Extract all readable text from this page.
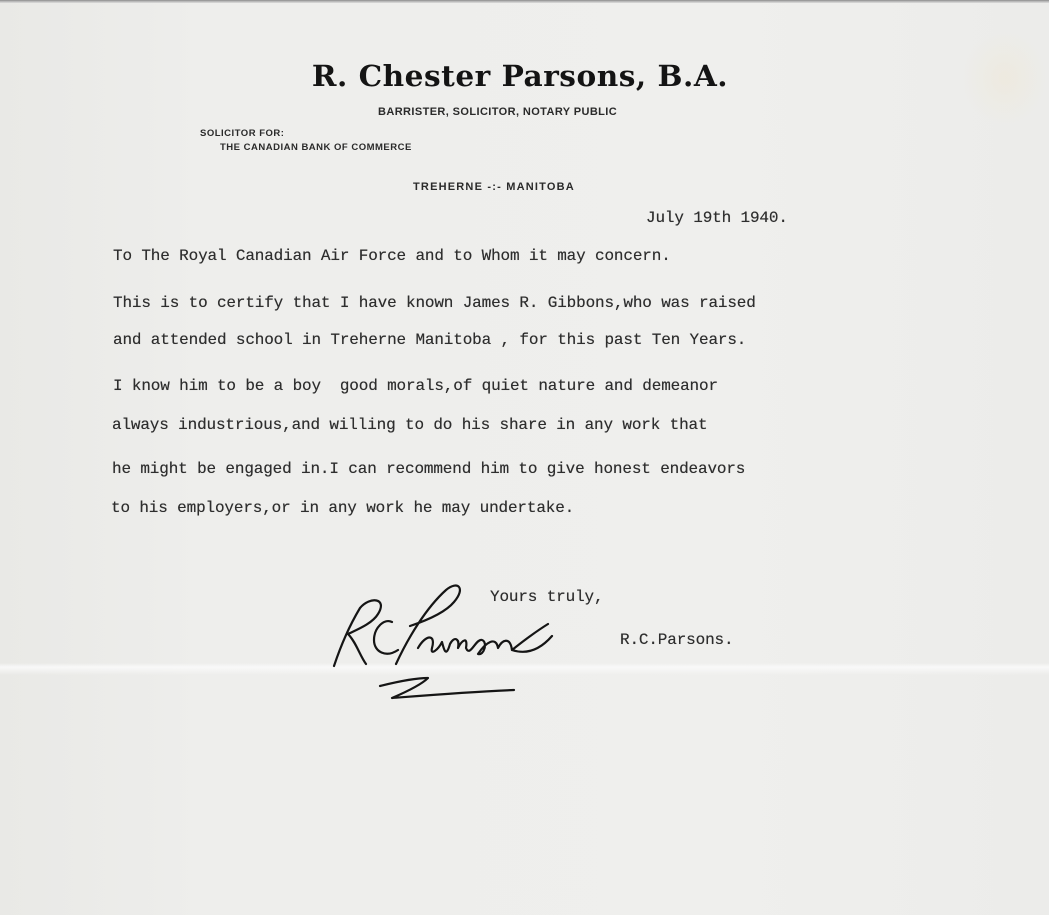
R. Chester Parsons, B.A.
BARRISTER, SOLICITOR, NOTARY PUBLIC
SOLICITOR FOR:
THE CANADIAN BANK OF COMMERCE
TREHERNE -:- MANITOBA
July 19th 1940.
To The Royal Canadian Air Force and to Whom it may concern.
This is to certify that I have known James R. Gibbons,who was raised
and attended school in Treherne Manitoba , for this past Ten Years.
I know him to be a boy  good morals,of quiet nature and demeanor
always industrious,and willing to do his share in any work that
he might be engaged in.I can recommend him to give honest endeavors
to his employers,or in any work he may undertake.
Yours truly,
R.C.Parsons.
